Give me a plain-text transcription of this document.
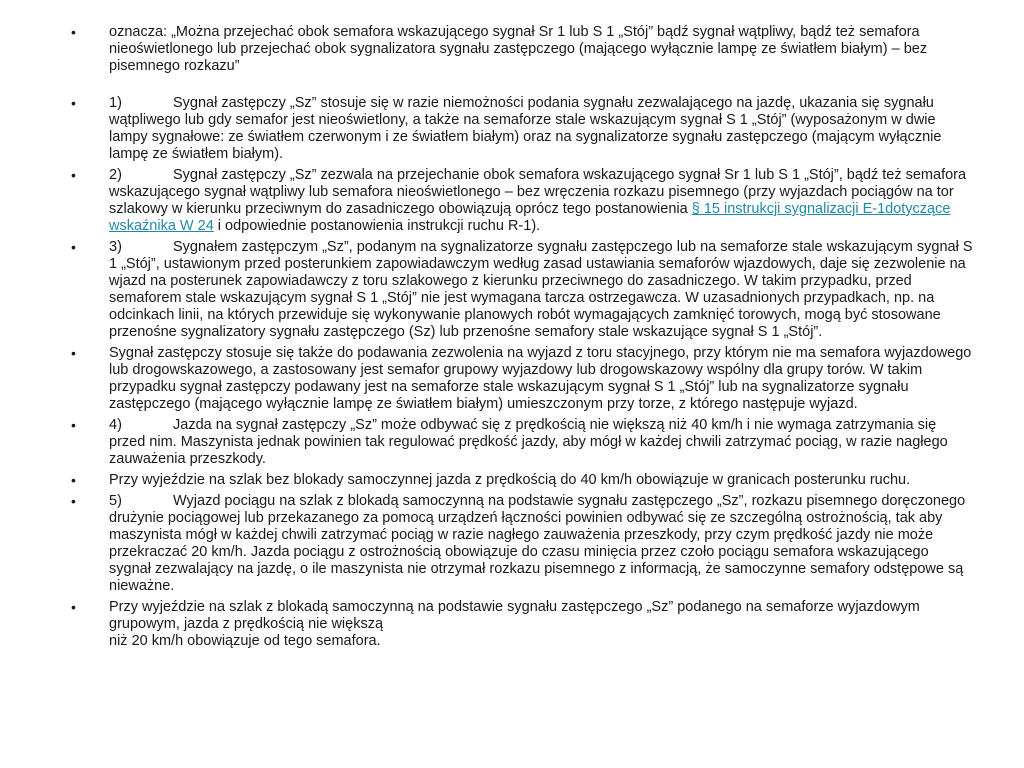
• oznacza: „Można przejechać obok semafora wskazującego sygnał Sr 1 lub S 1 „Stój” bądź sygnał wątpliwy, bądź też semafora nieoświetlonego lub przejechać obok sygnalizatora sygnału zastępczego (mającego wyłącznie lampę ze światłem białym) – bez pisemnego rozkazu”
• 1)	Sygnał zastępczy „Sz” stosuje się w razie niemożności podania sygnału zezwalającego na jazdę, ukazania się sygnału wątpliwego lub gdy semafor jest nieoświetlony, a także na semaforze stale wskazującym sygnał S 1 „Stój” (wyposażonym w dwie lampy sygnałowe: ze światłem czerwonym i ze światłem białym) oraz na sygnalizatorze sygnału zastępczego (mającym wyłącznie lampę ze światłem białym).
• 2)	Sygnał zastępczy „Sz” zezwala na przejechanie obok semafora wskazującego sygnał Sr 1 lub S 1 „Stój”, bądź też semafora wskazującego sygnał wątpliwy lub semafora nieoświetlonego – bez wręczenia rozkazu pisemnego (przy wyjazdach pociągów na tor szlakowy w kierunku przeciwnym do zasadniczego obowiązują oprócz tego postanowienia § 15 instrukcji sygnalizacji E-1dotyczące wskaźnika W 24 i odpowiednie postanowienia instrukcji ruchu R-1).
• 3)	Sygnałem zastępczym „Sz”, podanym na sygnalizatorze sygnału zastępczego lub na semaforze stale wskazującym sygnał S 1 „Stój”, ustawionym przed posterunkiem zapowiadawczym według zasad ustawiania semaforów wjazdowych, daje się zezwolenie na wjazd na posterunek zapowiadawczy z toru szlakowego z kierunku przeciwnego do zasadniczego. W takim przypadku, przed semaforem stale wskazującym sygnał S 1 „Stój” nie jest wymagana tarcza ostrzegawcza. W uzasadnionych przypadkach, np. na odcinkach linii, na których przewiduje się wykonywanie planowych robót wymagających zamknięć torowych, mogą być stosowane przenośne sygnalizatory sygnału zastępczego (Sz) lub przenośne semafory stale wskazujące sygnał S 1 „Stój”.
• Sygnał zastępczy stosuje się także do podawania zezwolenia na wyjazd z toru stacyjnego, przy którym nie ma semafora wyjazdowego lub drogowskazowego, a zastosowany jest semafor grupowy wyjazdowy lub drogowskazowy wspólny dla grupy torów. W takim przypadku sygnał zastępczy podawany jest na semaforze stale wskazującym sygnał S 1 „Stój” lub na sygnalizatorze sygnału zastępczego (mającego wyłącznie lampę ze światłem białym) umieszczonym przy torze, z którego następuje wyjazd.
• 4)	Jazda na sygnał zastępczy „Sz” może odbywać się z prędkością nie większą niż 40 km/h i nie wymaga zatrzymania się przed nim. Maszynista jednak powinien tak regulować prędkość jazdy, aby mógł w każdej chwili zatrzymać pociąg, w razie nagłego zauważenia przeszkody.
• Przy wyjeździe na szlak bez blokady samoczynnej jazda z prędkością do 40 km/h obowiązuje w granicach posterunku ruchu.
• 5)	Wyjazd pociągu na szlak z blokadą samoczynną na podstawie sygnału zastępczego „Sz”, rozkazu pisemnego doręczonego drużynie pociągowej lub przekazanego za pomocą urządzeń łączności powinien odbywać się ze szczególną ostrożnością, tak aby maszynista mógł w każdej chwili zatrzymać pociąg w razie nagłego zauważenia przeszkody, przy czym prędkość jazdy nie może przekraczać 20 km/h. Jazda pociągu z ostrożnością obowiązuje do czasu minięcia przez czoło pociągu semafora wskazującego sygnał zezwalający na jazdę, o ile maszynista nie otrzymał rozkazu pisemnego z informacją, że samoczynne semafory odstępowe są nieważne.
• Przy wyjeździe na szlak z blokadą samoczynną na podstawie sygnału zastępczego „Sz” podanego na semaforze wyjazdowym grupowym, jazda z prędkością nie większą
niż 20 km/h obowiązuje od tego semafora.
